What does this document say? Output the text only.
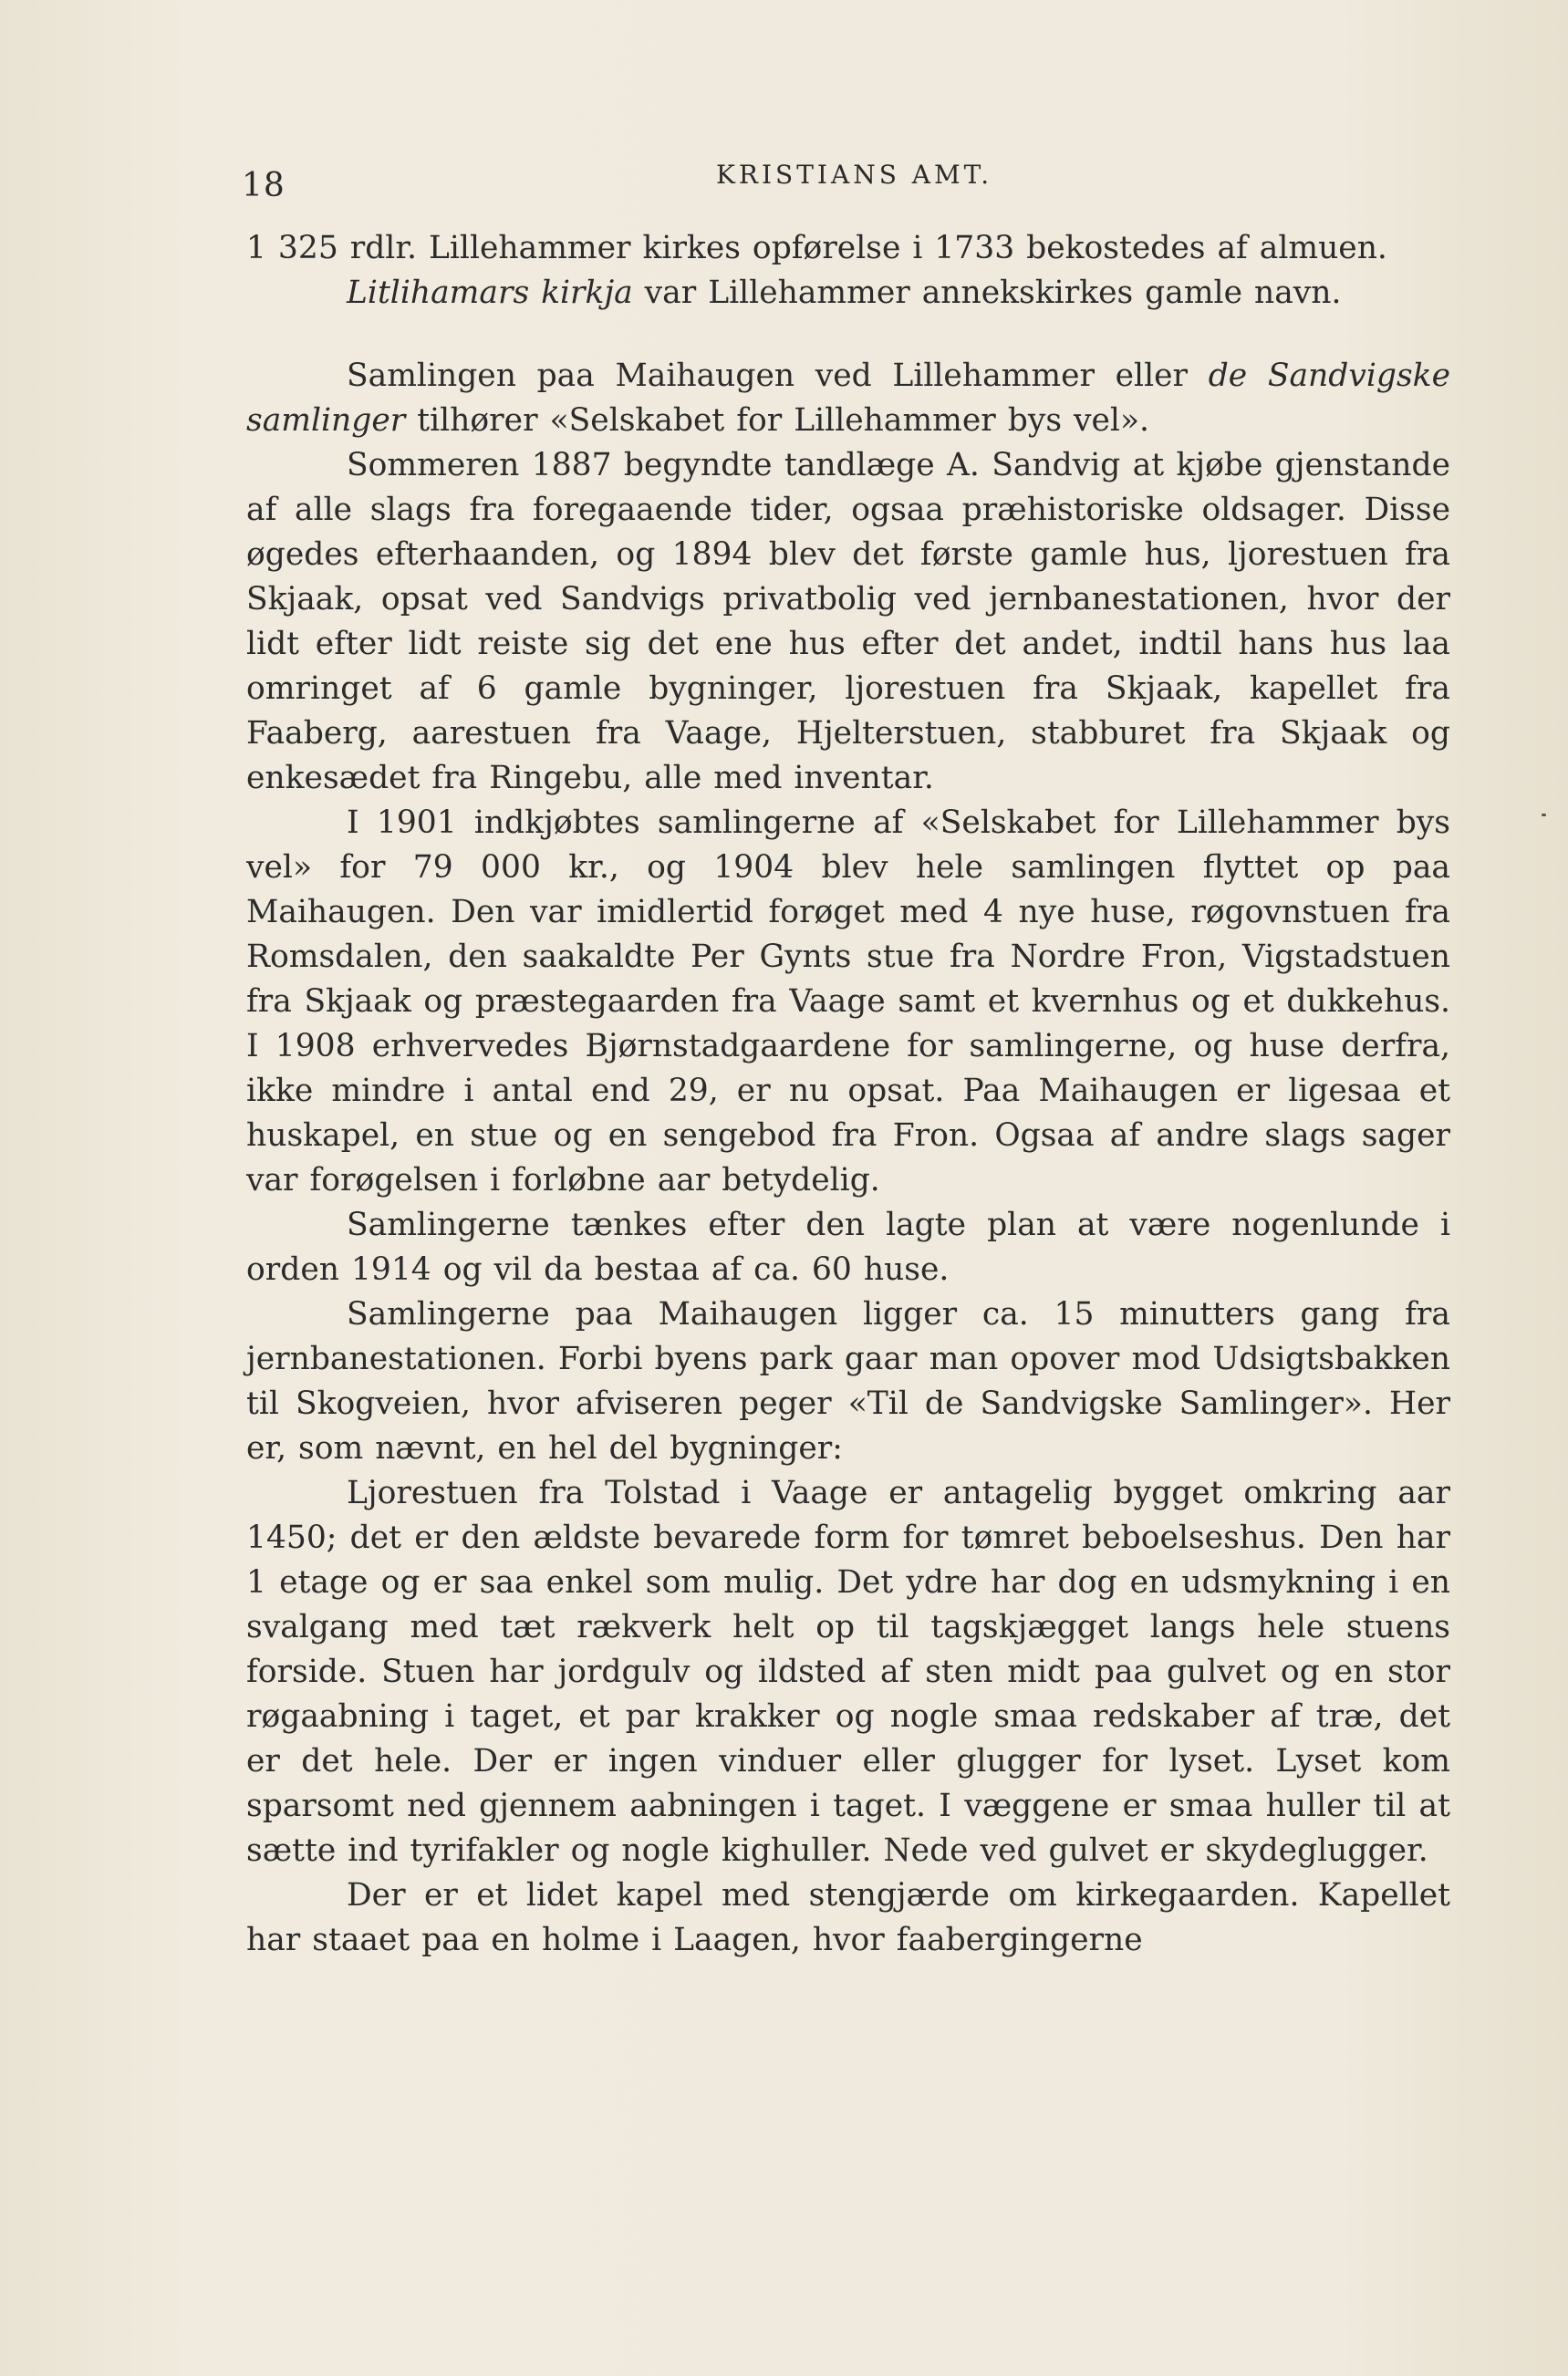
18	KRISTIANS AMT.

1 325 rdlr. Lillehammer kirkes opførelse i 1733 bekostedes af almuen.

Litlihamars kirkja var Lillehammer annekskirkes gamle navn.

Samlingen paa Maihaugen ved Lillehammer eller de Sandvigske samlinger tilhører «Selskabet for Lillehammer bys vel».

Sommeren 1887 begyndte tandlæge A. Sandvig at kjøbe gjenstande af alle slags fra foregaaende tider, ogsaa præhistoriske oldsager. Disse øgedes efterhaanden, og 1894 blev det første gamle hus, ljorestuen fra Skjaak, opsat ved Sandvigs privatbolig ved jernbanestationen, hvor der lidt efter lidt reiste sig det ene hus efter det andet, indtil hans hus laa omringet af 6 gamle bygninger, ljorestuen fra Skjaak, kapellet fra Faaberg, aarestuen fra Vaage, Hjelterstuen, stabburet fra Skjaak og enkesædet fra Ringebu, alle med inventar.

I 1901 indkjøbtes samlingerne af «Selskabet for Lillehammer bys vel» for 79 000 kr., og 1904 blev hele samlingen flyttet op paa Maihaugen. Den var imidlertid forøget med 4 nye huse, røgovnstuen fra Romsdalen, den saakaldte Per Gynts stue fra Nordre Fron, Vigstadstuen fra Skjaak og præstegaarden fra Vaage samt et kvernhus og et dukkehus. I 1908 erhvervedes Bjørnstadgaardene for samlingerne, og huse derfra, ikke mindre i antal end 29, er nu opsat. Paa Maihaugen er ligesaa et huskapel, en stue og en sengebod fra Fron. Ogsaa af andre slags sager var forøgelsen i forløbne aar betydelig.

Samlingerne tænkes efter den lagte plan at være nogenlunde i orden 1914 og vil da bestaa af ca. 60 huse.

Samlingerne paa Maihaugen ligger ca. 15 minutters gang fra jernbanestationen. Forbi byens park gaar man opover mod Udsigtsbakken til Skogveien, hvor afviseren peger «Til de Sandvigske Samlinger». Her er, som nævnt, en hel del bygninger:

Ljorestuen fra Tolstad i Vaage er antagelig bygget omkring aar 1450; det er den ældste bevarede form for tømret beboelseshus. Den har 1 etage og er saa enkel som mulig. Det ydre har dog en udsmykning i en svalgang med tæt rækverk helt op til tagskjægget langs hele stuens forside. Stuen har jordgulv og ildsted af sten midt paa gulvet og en stor røgaabning i taget, et par krakker og nogle smaa redskaber af træ, det er det hele. Der er ingen vinduer eller glugger for lyset. Lyset kom sparsomt ned gjennem aabningen i taget. I væggene er smaa huller til at sætte ind tyrifakler og nogle kighuller. Nede ved gulvet er skydeglugger.

Der er et lidet kapel med stengjærde om kirkegaarden. Kapellet har staaet paa en holme i Laagen, hvor faabergingerne
